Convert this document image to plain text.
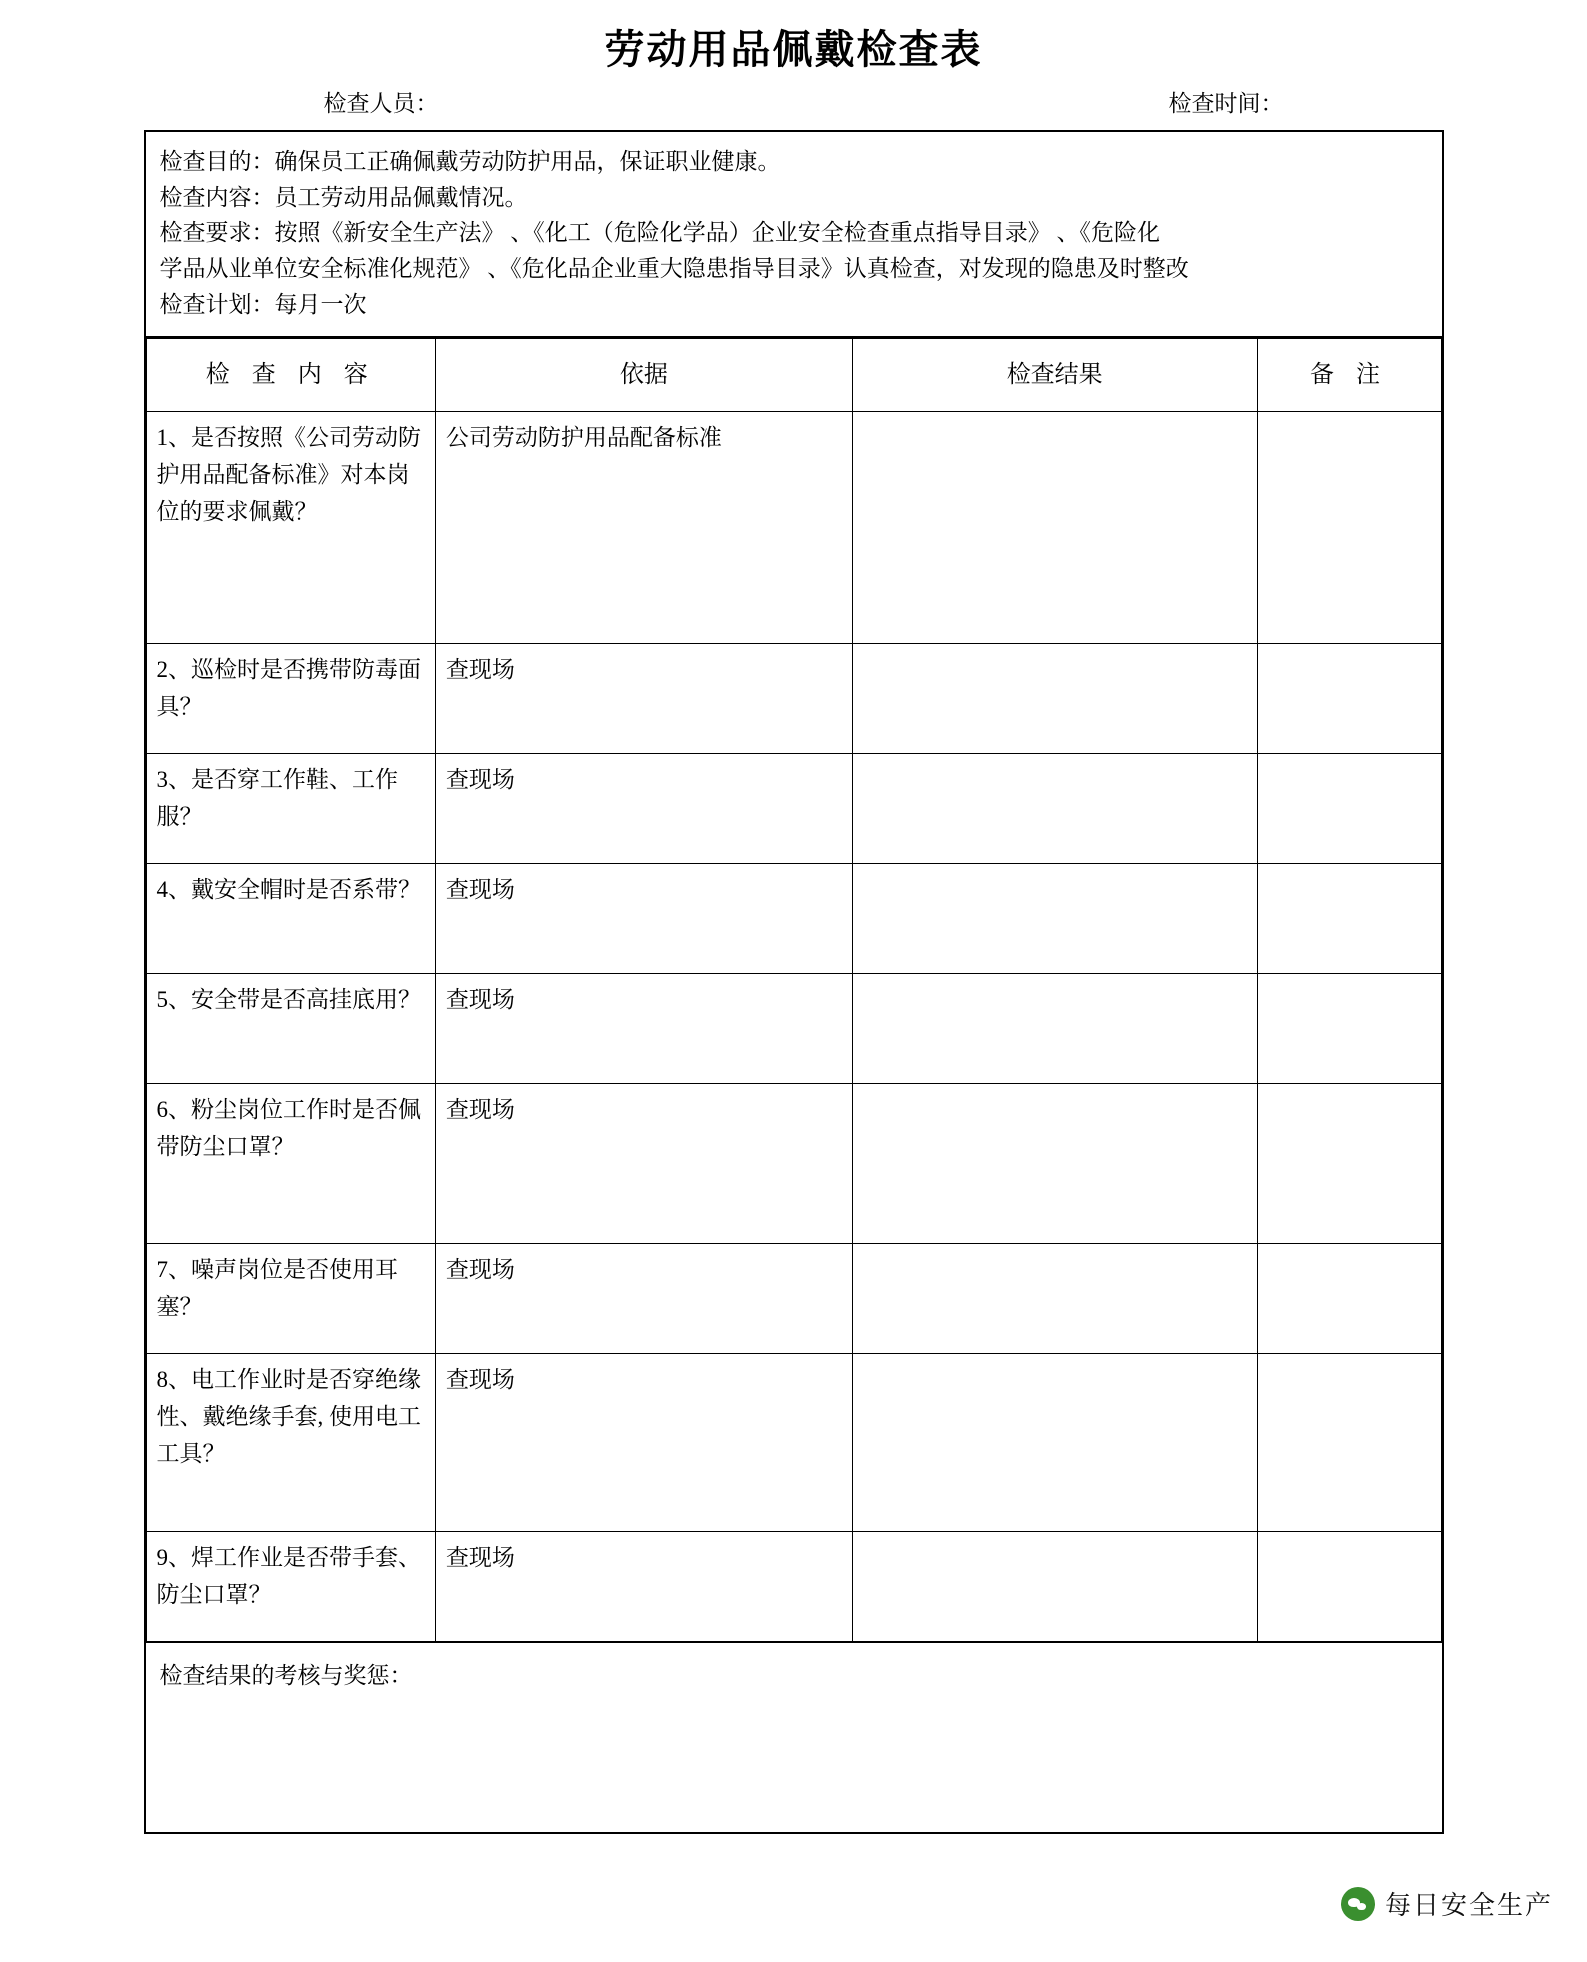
劳动用品佩戴检查表
检查人员：	检查时间：

检查目的：确保员工正确佩戴劳动防护用品，保证职业健康。

检查内容：员工劳动用品佩戴情况。

检查要求：按照《新安全生产法》 、《化工（危险化学品）企业安全检查重点指导目录》 、《危险化

学品从业单位安全标准化规范》 、《危化品企业重大隐患指导目录》认真检查，对发现的隐患及时整改

检查计划：每月一次

检 查 内 容	依据	检查结果	备 注
1、是否按照《公司劳动防护用品配备标准》对本岗位的要求佩戴？	公司劳动防护用品配备标准		
2、巡检时是否携带防毒面具？	查现场		
3、是否穿工作鞋、工作服？	查现场		
4、戴安全帽时是否系带？	查现场		
5、安全带是否高挂底用？	查现场		
6、粉尘岗位工作时是否佩带防尘口罩？	查现场		
7、噪声岗位是否使用耳塞？	查现场		
8、电工作业时是否穿绝缘性、戴绝缘手套, 使用电工工具？	查现场		
9、焊工作业是否带手套、防尘口罩？	查现场		
检查结果的考核与奖惩：
每日安全生产
